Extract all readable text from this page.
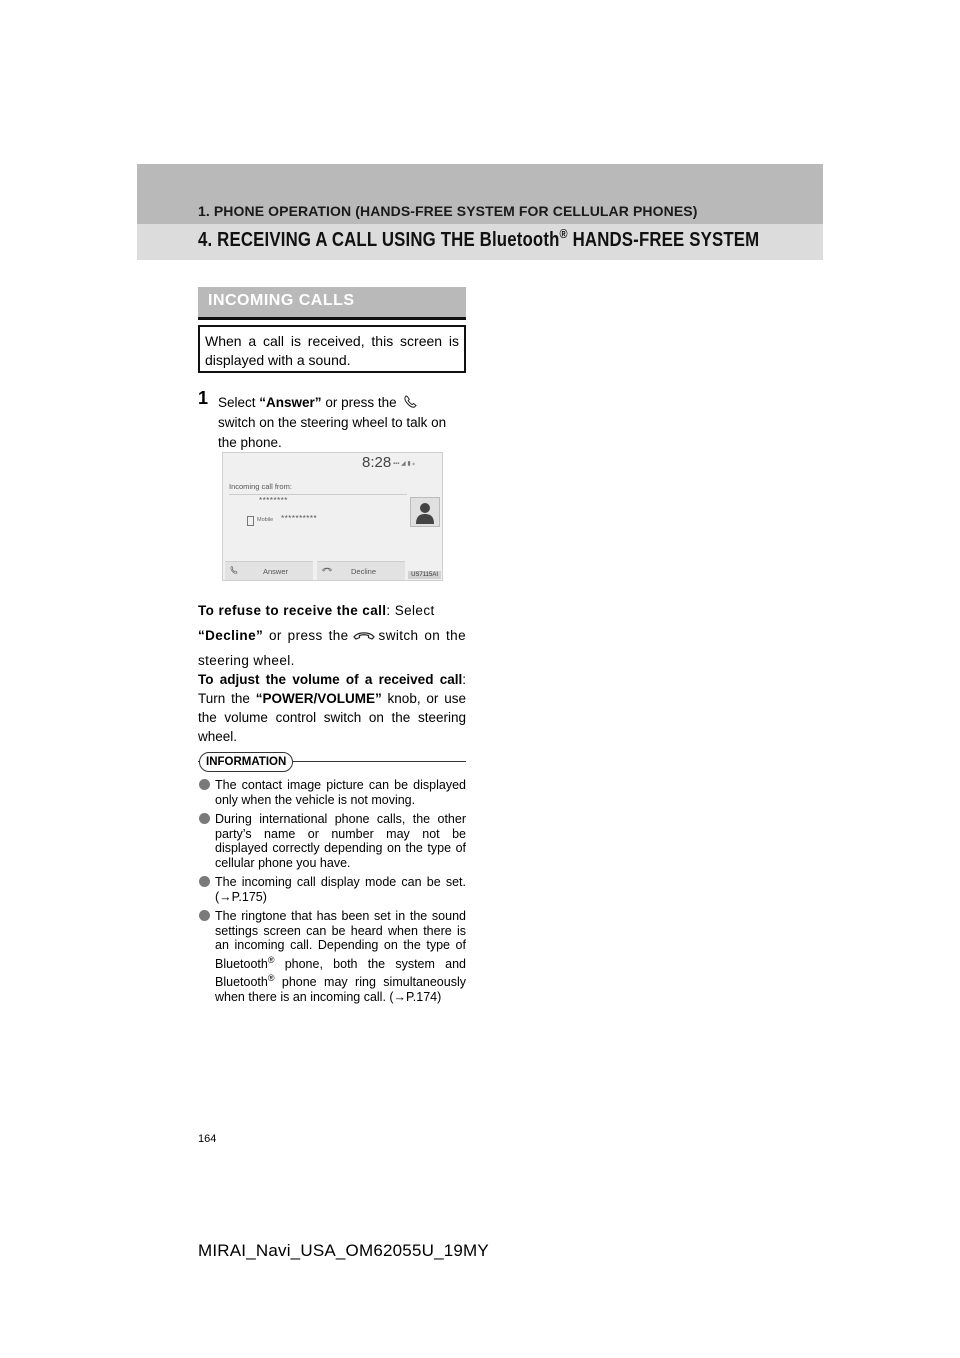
1. PHONE OPERATION (HANDS-FREE SYSTEM FOR CELLULAR PHONES)
4. RECEIVING A CALL USING THE Bluetooth® HANDS-FREE SYSTEM
INCOMING CALLS

When a call is received, this screen is displayed with a sound.

1 Select “Answer” or press the
switch on the steering wheel to talk on the phone.
8:28 ▪▪▪ ◢ ▮ ⁎
Incoming call from:
********
Mobile **********
Answer	Decline	US7115AI
To refuse to receive the call: Select
“Decline” or press the switch on the steering wheel.
To adjust the volume of a received call: Turn the “POWER/VOLUME” knob, or use the volume control switch on the steering wheel.
INFORMATION
The contact image picture can be displayed only when the vehicle is not moving.
During international phone calls, the other party’s name or number may not be displayed correctly depending on the type of cellular phone you have.
The incoming call display mode can be set. (→P.175)
The ringtone that has been set in the sound settings screen can be heard when there is an incoming call. Depending on the type of Bluetooth® phone, both the system and Bluetooth® phone may ring simultaneously when there is an incoming call. (→P.174)
164
MIRAI_Navi_USA_OM62055U_19MY
